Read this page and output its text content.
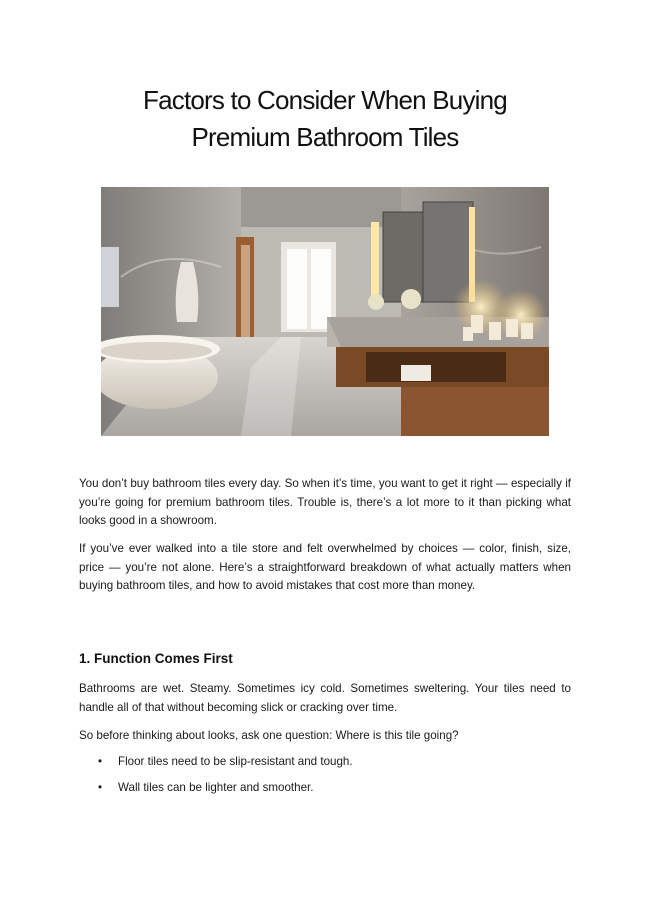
Factors to Consider When Buying
Premium Bathroom Tiles

You don’t buy bathroom tiles every day. So when it’s time, you want to get it right — especially if you’re going for premium bathroom tiles. Trouble is, there’s a lot more to it than picking what looks good in a showroom.

If you’ve ever walked into a tile store and felt overwhelmed by choices — color, finish, size, price — you’re not alone. Here’s a straightforward breakdown of what actually matters when buying bathroom tiles, and how to avoid mistakes that cost more than money.

1. Function Comes First

Bathrooms are wet. Steamy. Sometimes icy cold. Sometimes sweltering. Your tiles need to handle all of that without becoming slick or cracking over time.

So before thinking about looks, ask one question: Where is this tile going?

• Floor tiles need to be slip-resistant and tough.
• Wall tiles can be lighter and smoother.
